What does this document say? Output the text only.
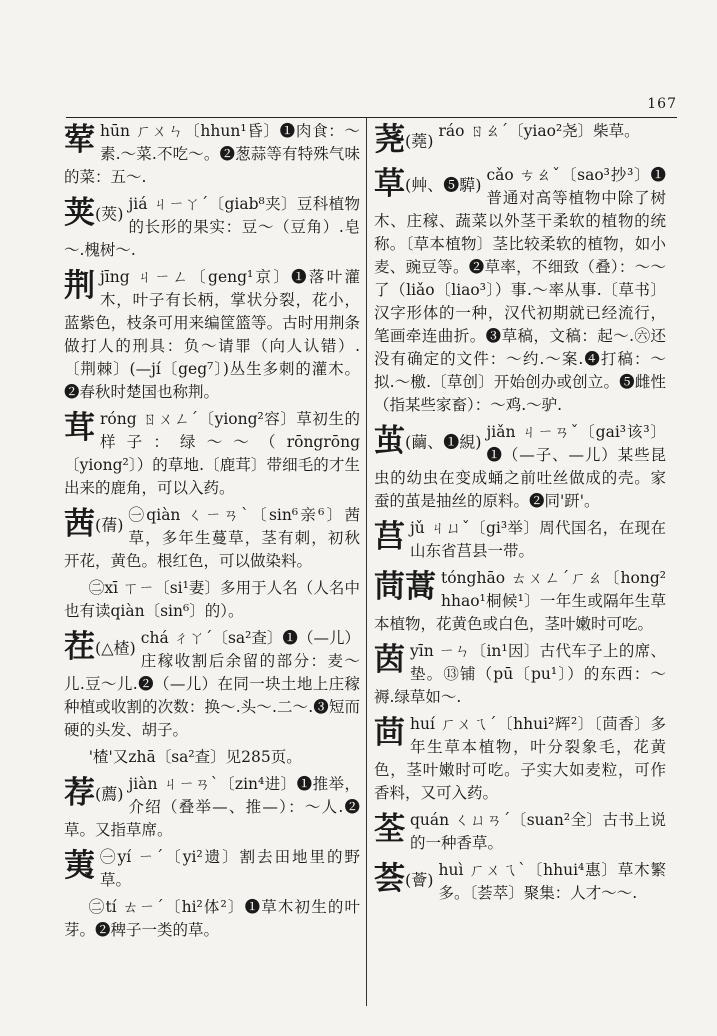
167
荤 hūn ㄏㄨㄣ〔hhun¹昏〕❶肉食：～素.～菜.不吃～。❷葱蒜等有特殊气味的菜：五～.
荚(莢)
jiá ㄐㄧㄚˊ〔giab⁸夹〕豆科植物的长形的果实：豆～（豆角）.皂～.槐树～.
荆 jīng ㄐㄧㄥ〔geng¹京〕❶落叶灌木，叶子有长柄，掌状分裂，花小，蓝紫色，枝条可用来编筐篮等。古时用荆条做打人的刑具：负～请罪（向人认错）.〔荆棘〕(—jí〔geg⁷〕)丛生多刺的灌木。❷春秋时楚国也称荆。
茸 róng ㄖㄨㄥˊ〔yiong²容〕草初生的样子：绿～～（rōngrōng〔yiong²〕）的草地.〔鹿茸〕带细毛的才生出来的鹿角，可以入药。
茜(蒨)
㊀qiàn ㄑㄧㄢˋ〔sin⁶亲⁶〕茜草，多年生蔓草，茎有刺，初秋开花，黄色。根红色，可以做染料。
㊁xī ㄒㄧ〔si¹妻〕多用于人名（人名中也有读qiàn〔sin⁶〕的）。
茬(△楂)
chá ㄔㄚˊ〔sa²查〕❶（—儿）庄稼收割后余留的部分：麦～儿.豆～儿.❷（—儿）在同一块土地上庄稼种植或收割的次数：换～.头～.二～.❸短而硬的头发、胡子。
'楂'又zhā〔sa²查〕见285页。
荐(薦)
jiàn ㄐㄧㄢˋ〔zin⁴进〕❶推举，介绍（叠举—、推—）：～人.❷草。又指草席。
荑 ㊀yí ㄧˊ〔yi²遗〕割去田地里的野草。
㊁tí ㄊㄧˊ〔hi²体²〕❶草木初生的叶芽。❷稗子一类的草。
荛(蕘)
ráo ㄖㄠˊ〔yiao²尧〕柴草。
草(艸、❺騲)
cǎo ㄘㄠˇ〔sao³抄³〕❶普通对高等植物中除了树木、庄稼、蔬菜以外茎干柔软的植物的统称。〔草本植物〕茎比较柔软的植物，如小麦、豌豆等。❷草率，不细致（叠）：～～了（liǎo〔liao³〕）事.～率从事.〔草书〕汉字形体的一种，汉代初期就已经流行，笔画牵连曲折。❸草稿，文稿：起～.㊅还没有确定的文件：～约.～案.❹打稿：～拟.～檄.〔草创〕开始创办或创立。❺雌性（指某些家畜）：～鸡.～驴.
茧(繭、❶絸)
jiǎn ㄐㄧㄢˇ〔gai³该³〕❶（—子、—儿）某些昆虫的幼虫在变成蛹之前吐丝做成的壳。家蚕的茧是抽丝的原料。❷同'趼'。
莒 jǔ ㄐㄩˇ〔gi³举〕周代国名，在现在山东省莒县一带。
茼蒿 tónghāo ㄊㄨㄥˊㄏㄠ〔hong² hhao¹桐候¹〕一年生或隔年生草本植物，花黄色或白色，茎叶嫩时可吃。
茵 yīn ㄧㄣ〔in¹因〕古代车子上的席、垫。⑬铺（pū〔pu¹〕）的东西：～褥.绿草如～.
茴 huí ㄏㄨㄟˊ〔hhui²辉²〕〔茴香〕多年生草本植物，叶分裂象毛，花黄色，茎叶嫩时可吃。子实大如麦粒，可作香料，又可入药。
荃 quán ㄑㄩㄢˊ〔suan²全〕古书上说的一种香草。
荟(薈)
huì ㄏㄨㄟˋ〔hhui⁴惠〕草木繁多。〔荟萃〕聚集：人才～～.
